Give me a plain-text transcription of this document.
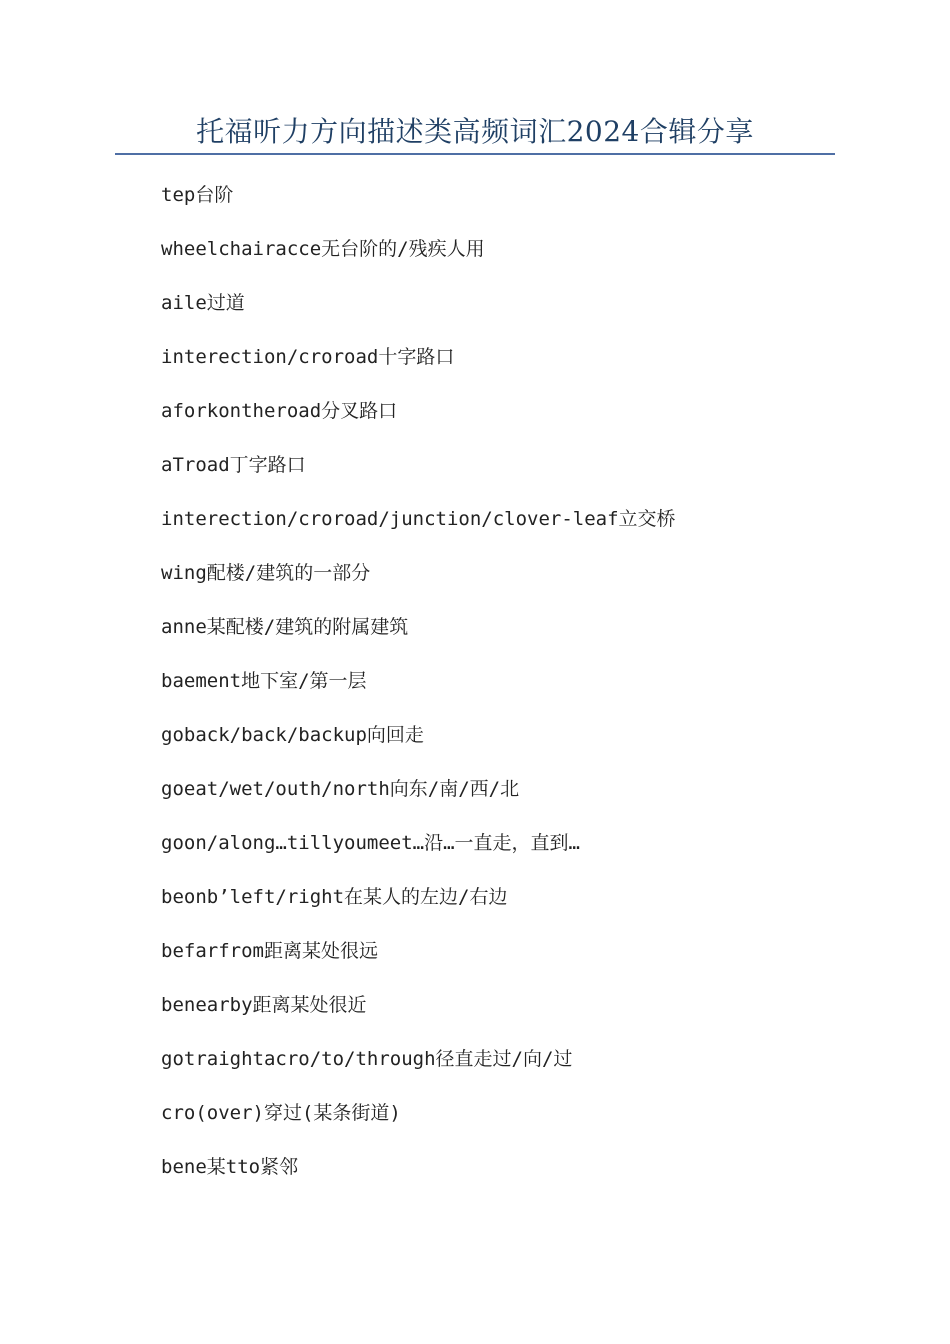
托福听力方向描述类高频词汇2024合辑分享
tep台阶
wheelchairacce无台阶的/残疾人用
aile过道
interection/croroad十字路口
aforkontheroad分叉路口
aTroad丁字路口
interection/croroad/junction/clover-leaf立交桥
wing配楼/建筑的一部分
anne某配楼/建筑的附属建筑
baement地下室/第一层
goback/back/backup向回走
goeat/wet/outh/north向东/南/西/北
goon/along…tillyoumeet…沿…一直走，直到…
beonb’left/right在某人的左边/右边
befarfrom距离某处很远
benearby距离某处很近
gotraightacro/to/through径直走过/向/过
cro(over)穿过(某条街道)
bene某tto紧邻
